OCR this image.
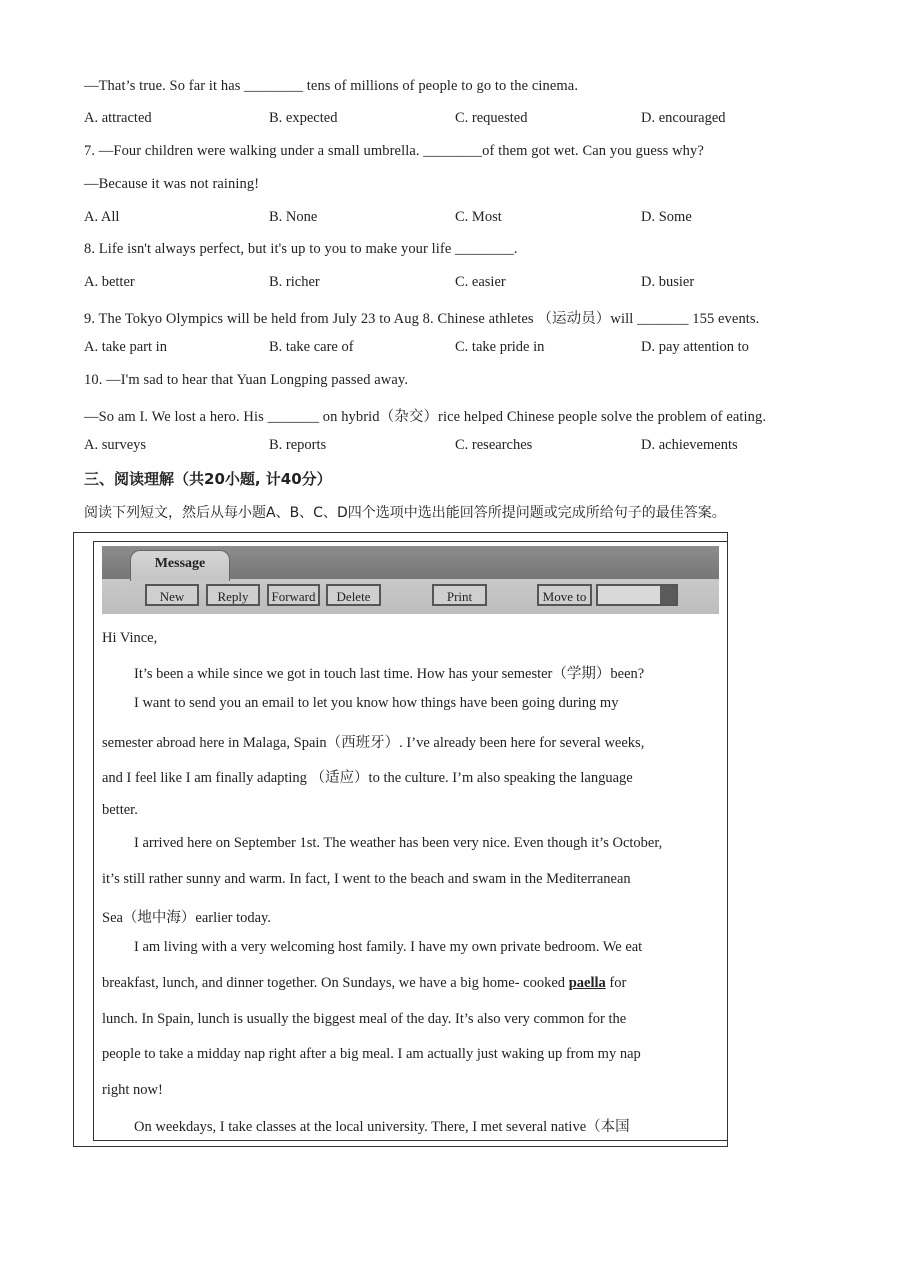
—That’s true. So far it has ________ tens of millions of people to go to the cinema.
A. attracted	B. expected	C. requested	D. encouraged
7. —Four children were walking under a small umbrella. ________of them got wet. Can you guess why?
—Because it was not raining!
A. All	B. None	C. Most	D. Some
8. Life isn't always perfect, but it's up to you to make your life ________.
A. better	B. richer	C. easier	D. busier
9. The Tokyo Olympics will be held from July 23 to Aug 8. Chinese athletes （运动员）will _______ 155 events.
A. take part in	B. take care of	C. take pride in	D. pay attention to
10. —I'm sad to hear that Yuan Longping passed away.
—So am I. We lost a hero. His _______ on hybrid（杂交）rice helped Chinese people solve the problem of eating.
A. surveys	B. reports	C. researches	D. achievements
三、阅读理解（共20小题, 计40分）
阅读下列短文，然后从每小题A、B、C、D四个选项中选出能回答所提问题或完成所给句子的最佳答案。
Message
New	Reply	Forward	Delete	Print	Move to
Hi Vince,
It’s been a while since we got in touch last time. How has your semester（学期）been?
I want to send you an email to let you know how things have been going during my
semester abroad here in Malaga, Spain（西班牙）. I’ve already been here for several weeks,
and I feel like I am finally adapting （适应）to the culture. I’m also speaking the language
better.
I arrived here on September 1st. The weather has been very nice. Even though it’s October,
it’s still rather sunny and warm. In fact, I went to the beach and swam in the Mediterranean
Sea（地中海）earlier today.
I am living with a very welcoming host family. I have my own private bedroom. We eat
breakfast, lunch, and dinner together. On Sundays, we have a big home- cooked paella for
lunch. In Spain, lunch is usually the biggest meal of the day. It’s also very common for the
people to take a midday nap right after a big meal. I am actually just waking up from my nap
right now!
On weekdays, I take classes at the local university. There, I met several native（本国
